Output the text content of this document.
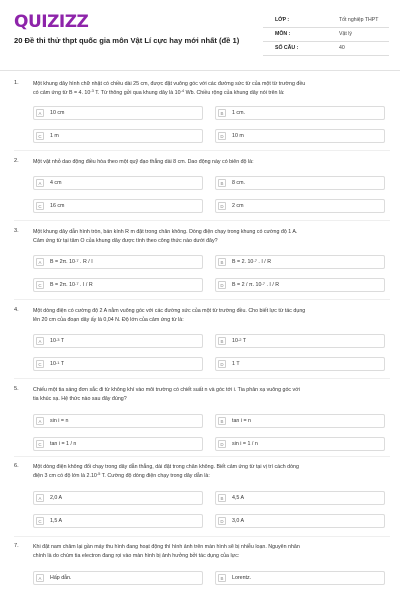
QUIZIZZ
20 Đề thi thử thpt quốc gia môn Vật Lí cực hay mới nhất (đề 1)
LỚP :	Tốt nghiệp THPT
MÔN :	Vật lý
SỐ CÂU :	40
1.	Một khung dây hình chữ nhật có chiều dài 25 cm, được đặt vuông góc với các đường sức từ của một từ trường đều
có cảm ứng từ B = 4. $10^{-3}$ T. Từ thông gửi qua khung dây là $10^{-4}$ Wb. Chiều rộng của khung dây nói trên là:
A	10 cm	B	1 cm.
C	1 m	D	10 m
2.	Một vật nhỏ dao động điều hòa theo một quỹ đạo thẳng dài 8 cm. Dao động này có biên độ là:
A	4 cm	B	8 cm.
C	16 cm	D	2 cm
3.	Một khung dây dẫn hình tròn, bán kính R m đặt trong chân không. Dòng điện chạy trong khung có cường độ 1 A.
Cảm ứng từ tại tâm O của khung dây được tính theo công thức nào dưới đây?
A	B = 2π. $10^{-7}$ . R / I	B	B = 2. $10^{-7}$ . I / R
C	B = 2π. $10^{-7}$ . I / R	D	B = 2 / π. $10^{-7}$ . I / R
4.	Một dòng điện có cường độ 2 A nằm vuông góc với các đường sức của một từ trường đều. Cho biết lực từ tác dụng
lên 20 cm của đoạn dây ấy là 0,04 N. Độ lớn của cảm ứng từ là:
A	$10^{-3}$ T	B	$10^{-2}$ T
C	$10^{-1}$ T	D	1 T
5.	Chiếu một tia sáng đơn sắc đi từ không khí vào môi trường có chiết suất n và góc tới i. Tia phản xạ vuông góc với
tia khúc xạ. Hệ thức nào sau đây đúng?
A	sin i = n	B	tan i = n
C	tan i = 1 / n	D	sin i = 1 / n
6.	Một dòng điện không đổi chạy trong dây dẫn thẳng, dài đặt trong chân không. Biết cảm ứng từ tại vị trí cách dòng
điện 3 cm có độ lớn là $2.10^{-5}$ T. Cường độ dòng điện chạy trong dây dẫn là:
A	2,0 A	B	4,5 A
C	1,5 A	D	3,0 A
7.	Khi đặt nam châm lại gần máy thu hình đang hoạt động thì hình ảnh trên màn hình sẽ bị nhiễu loạn. Nguyên nhân
chính là do chùm tia electron đang rọi vào màn hình bị ảnh hưởng bởi tác dụng của lực:
A	Hấp dẫn.	B	Lorentz.
